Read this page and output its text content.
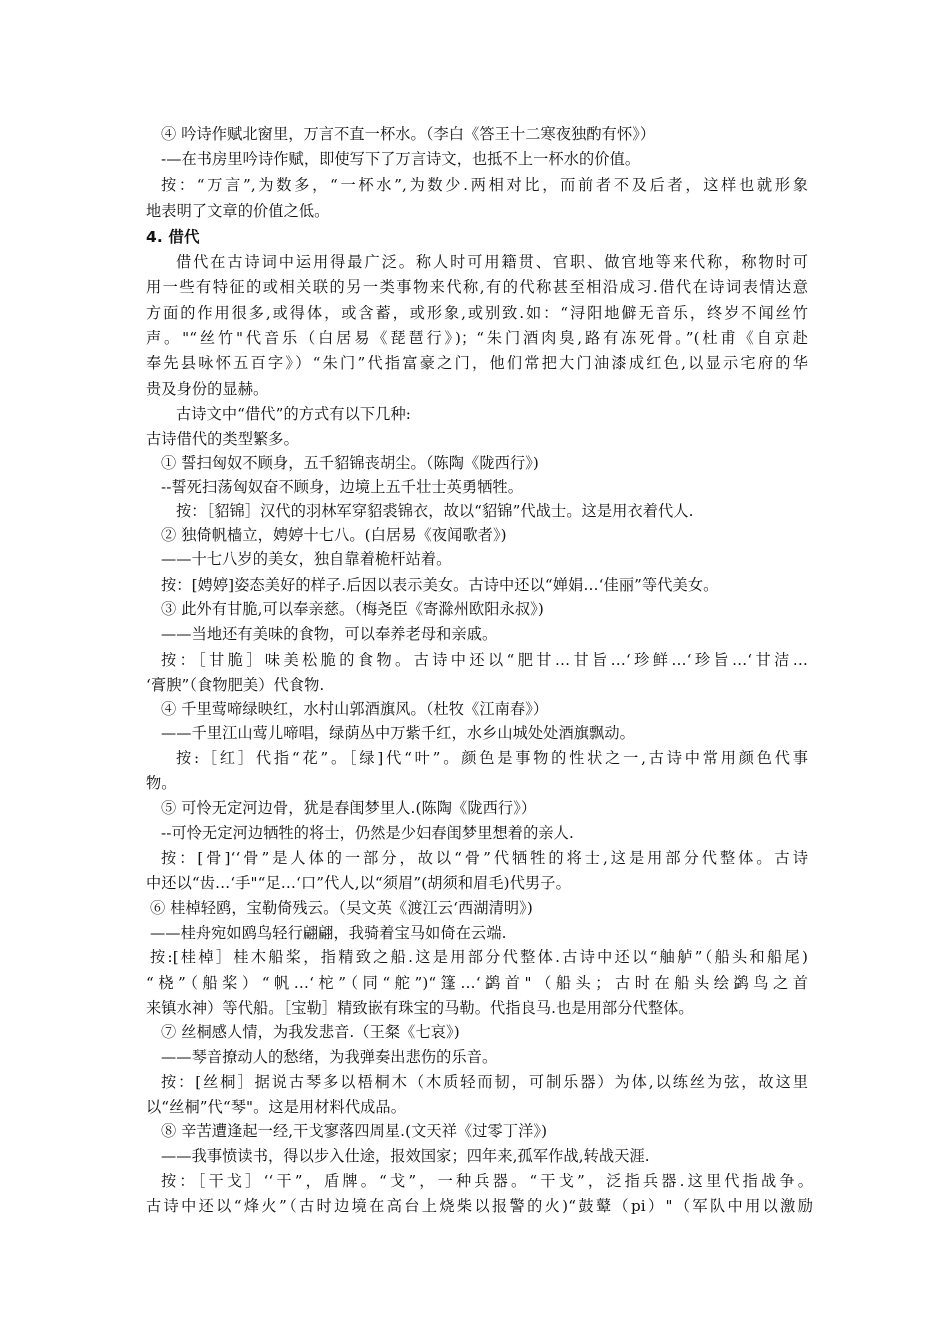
④ 吟诗作赋北窗里，万言不直一杯水。（李白《答王十二寒夜独酌有怀》）

-—在书房里吟诗作赋，即使写下了万言诗文，也抵不上一杯水的价值。

按：“万言”,为数多，“一杯水”,为数少.两相对比，而前者不及后者，这样也就形象

地表明了文章的价值之低。

4. 借代

借代在古诗词中运用得最广泛。称人时可用籍贯、官职、做官地等来代称，称物时可

用一些有特征的或相关联的另一类事物来代称,有的代称甚至相沿成习.借代在诗词表情达意

方面的作用很多,或得体，或含蓄，或形象,或别致.如：“浔阳地僻无音乐，终岁不闻丝竹

声。"“丝竹"代音乐（白居易《琵琶行》)；“朱门酒肉臭,路有冻死骨。”(杜甫《自京赴

奉先县咏怀五百字》）“朱门”代指富豪之门，他们常把大门油漆成红色,以显示宅府的华

贵及身份的显赫。

古诗文中“借代”的方式有以下几种:

古诗借代的类型繁多。

① 誓扫匈奴不顾身，五千貂锦丧胡尘。（陈陶《陇西行》)

--誓死扫荡匈奴奋不顾身，边境上五千壮士英勇牺牲。

按：［貂锦］汉代的羽林军穿貂裘锦衣，故以“貂锦”代战士。这是用衣着代人.

② 独倚帆樯立，娉婷十七八。(白居易《夜闻歌者》)

——十七八岁的美女，独自靠着桅杆站着。

按：[娉婷]姿态美好的样子.后因以表示美女。古诗中还以“婵娟…‘佳丽”等代美女。

③ 此外有甘脆,可以奉亲慈。（梅尧臣《寄滁州欧阳永叔》)

——当地还有美味的食物，可以奉养老母和亲戚。

按：［甘脆］味美松脆的食物。古诗中还以“肥甘…甘旨…‘珍鲜…‘珍旨…‘甘洁…

‘膏腴”（食物肥美）代食物.

④ 千里莺啼绿映红，水村山郭酒旗风。（杜牧《江南春》）

——千里江山莺儿啼唱，绿荫丛中万紫千红，水乡山城处处酒旗飘动。

按:［红］代指“花”。［绿]代“叶”。颜色是事物的性状之一,古诗中常用颜色代事

物。

⑤ 可怜无定河边骨，犹是春闺梦里人.(陈陶《陇西行》）

--可怜无定河边牺牲的将士，仍然是少妇春闺梦里想着的亲人.

按：[骨]‘‘骨”是人体的一部分，故以“骨”代牺牲的将士,这是用部分代整体。古诗

中还以“齿…‘手"“足…‘口”代人,以“须眉”(胡须和眉毛)代男子。

⑥ 桂棹轻鸥，宝勒倚残云。（吴文英《渡江云‘西湖清明》)

——桂舟宛如鸥鸟轻行翩翩，我骑着宝马如倚在云端.

按:[桂棹］桂木船桨，指精致之船.这是用部分代整体.古诗中还以“舳舻”（船头和船尾)

“桡”（船桨）“帆…‘柁”（同“舵”)“篷…‘鹢首"（船头；古时在船头绘鹢鸟之首

来镇水神）等代船。［宝勒］精致嵌有珠宝的马勒。代指良马.也是用部分代整体。

⑦ 丝桐感人情，为我发悲音.（王粲《七哀》)

——琴音撩动人的愁绪，为我弹奏出悲伤的乐音。

按：[丝桐］据说古琴多以梧桐木（木质轻而韧，可制乐器）为体,以练丝为弦，故这里

以“丝桐”代“琴"。这是用材料代成品。

⑧ 辛苦遭逢起一经,干戈寥落四周星.(文天祥《过零丁洋》)

——我事愤读书，得以步入仕途，报效国家；四年来,孤军作战,转战天涯.

按：［干戈］‘‘干”，盾牌。“戈”，一种兵器。“干戈”，泛指兵器.这里代指战争。

古诗中还以“烽火”（古时边境在高台上烧柴以报警的火)“鼓鼙（pi）"（军队中用以激励
